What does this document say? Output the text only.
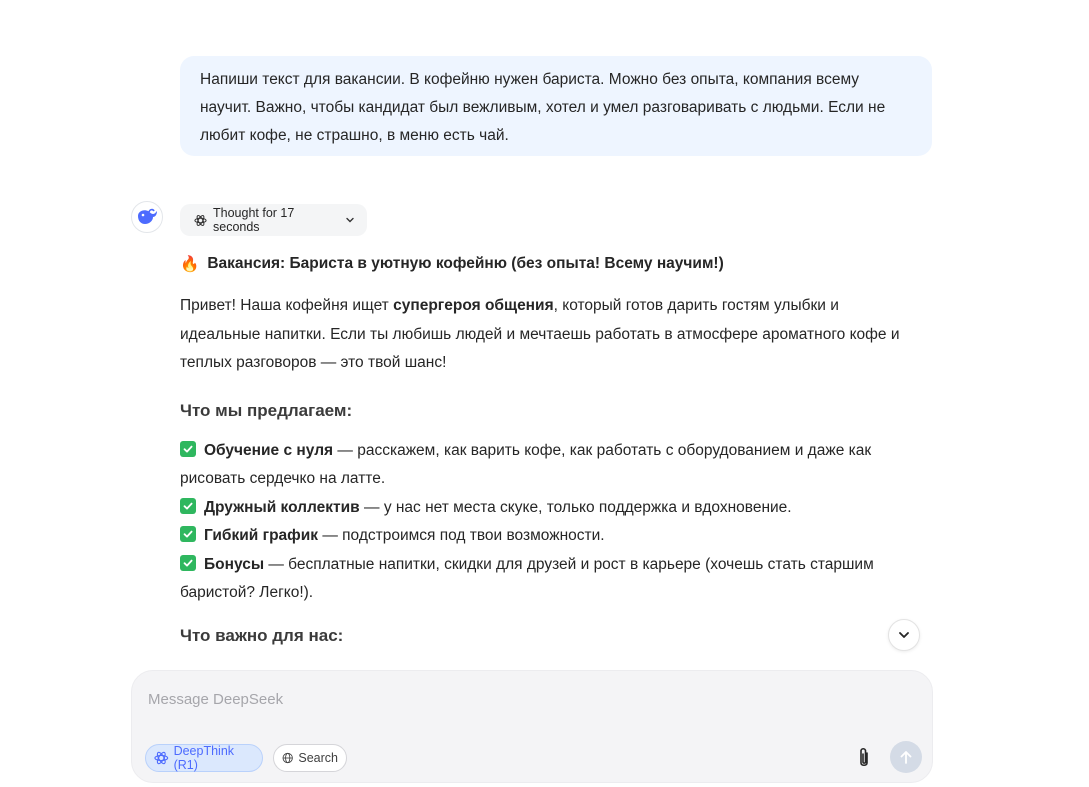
Напиши текст для вакансии. В кофейню нужен бариста. Можно без опыта, компания всему научит. Важно, чтобы кандидат был вежливым, хотел и умел разговаривать с людьми. Если не любит кофе, не страшно, в меню есть чай.
Thought for 17 seconds
🔥 Вакансия: Бариста в уютную кофейню (без опыта! Всему научим!)
Привет! Наша кофейня ищет супергероя общения, который готов дарить гостям улыбки и идеальные напитки. Если ты любишь людей и мечтаешь работать в атмосфере ароматного кофе и теплых разговоров — это твой шанс!
Что мы предлагаем:
Обучение с нуля — расскажем, как варить кофе, как работать с оборудованием и даже как рисовать сердечко на латте.
Дружный коллектив — у нас нет места скуке, только поддержка и вдохновение.
Гибкий график — подстроимся под твои возможности.
Бонусы — бесплатные напитки, скидки для друзей и рост в карьере (хочешь стать старшим баристой? Легко!).
Что важно для нас:
Message DeepSeek
DeepThink (R1)	Search
